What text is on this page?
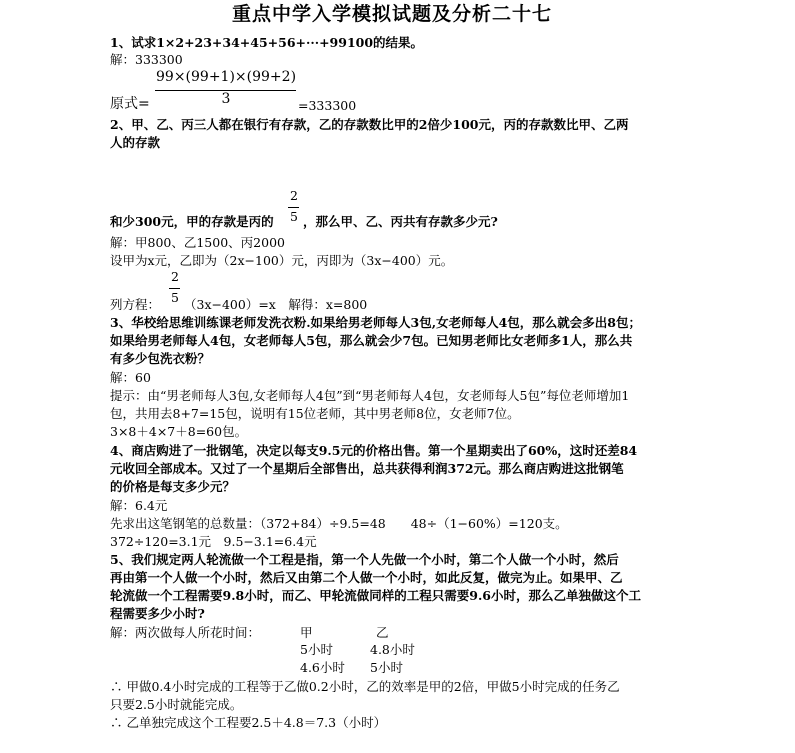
重点中学入学模拟试题及分析二十七
1、试求1×2+23+34+45+56+···+99100的结果。
解：333300
99×(99+1)×(99+2)
3
原式=	=333300
2、甲、乙、丙三人都在银行有存款，乙的存款数比甲的2倍少100元，丙的存款数比甲、乙两
人的存款
2
5
和少300元，甲的存款是丙的 ，那么甲、乙、丙共有存款多少元?
解：甲800、乙1500、丙2000
设甲为x元，乙即为（2x−100）元，丙即为（3x−400）元。
2
5
列方程： （3x−400）=x　解得：x=800
3、华校给思维训练课老师发洗衣粉.如果给男老师每人3包,女老师每人4包，那么就会多出8包；
如果给男老师每人4包，女老师每人5包，那么就会少7包。已知男老师比女老师多1人，那么共
有多少包洗衣粉？
解：60
提示：由“男老师每人3包,女老师每人4包”到“男老师每人4包，女老师每人5包”每位老师增加1
包，共用去8+7=15包，说明有15位老师，其中男老师8位，女老师7位。
3×8＋4×7＋8=60包。
4、商店购进了一批钢笔，决定以每支9.5元的价格出售。第一个星期卖出了60%，这时还差84
元收回全部成本。又过了一个星期后全部售出，总共获得利润372元。那么商店购进这批钢笔
的价格是每支多少元？
解：6.4元
先求出这笔钢笔的总数量：（372+84）÷9.5=48　　48÷（1−60%）=120支。
372÷120=3.1元　9.5−3.1=6.4元
5、我们规定两人轮流做一个工程是指，第一个人先做一个小时，第二个人做一个小时，然后
再由第一个人做一个小时，然后又由第二个人做一个小时，如此反复，做完为止。如果甲、乙
轮流做一个工程需要9.8小时，而乙、甲轮流做同样的工程只需要9.6小时，那么乙单独做这个工
程需要多少小时?
解：两次做每人所花时间：	甲	乙
5小时	4.8小时
4.6小时 5小时
∴ 甲做0.4小时完成的工程等于乙做0.2小时，乙的效率是甲的2倍，甲做5小时完成的任务乙
只要2.5小时就能完成。
∴ 乙单独完成这个工程要2.5＋4.8＝7.3（小时）
